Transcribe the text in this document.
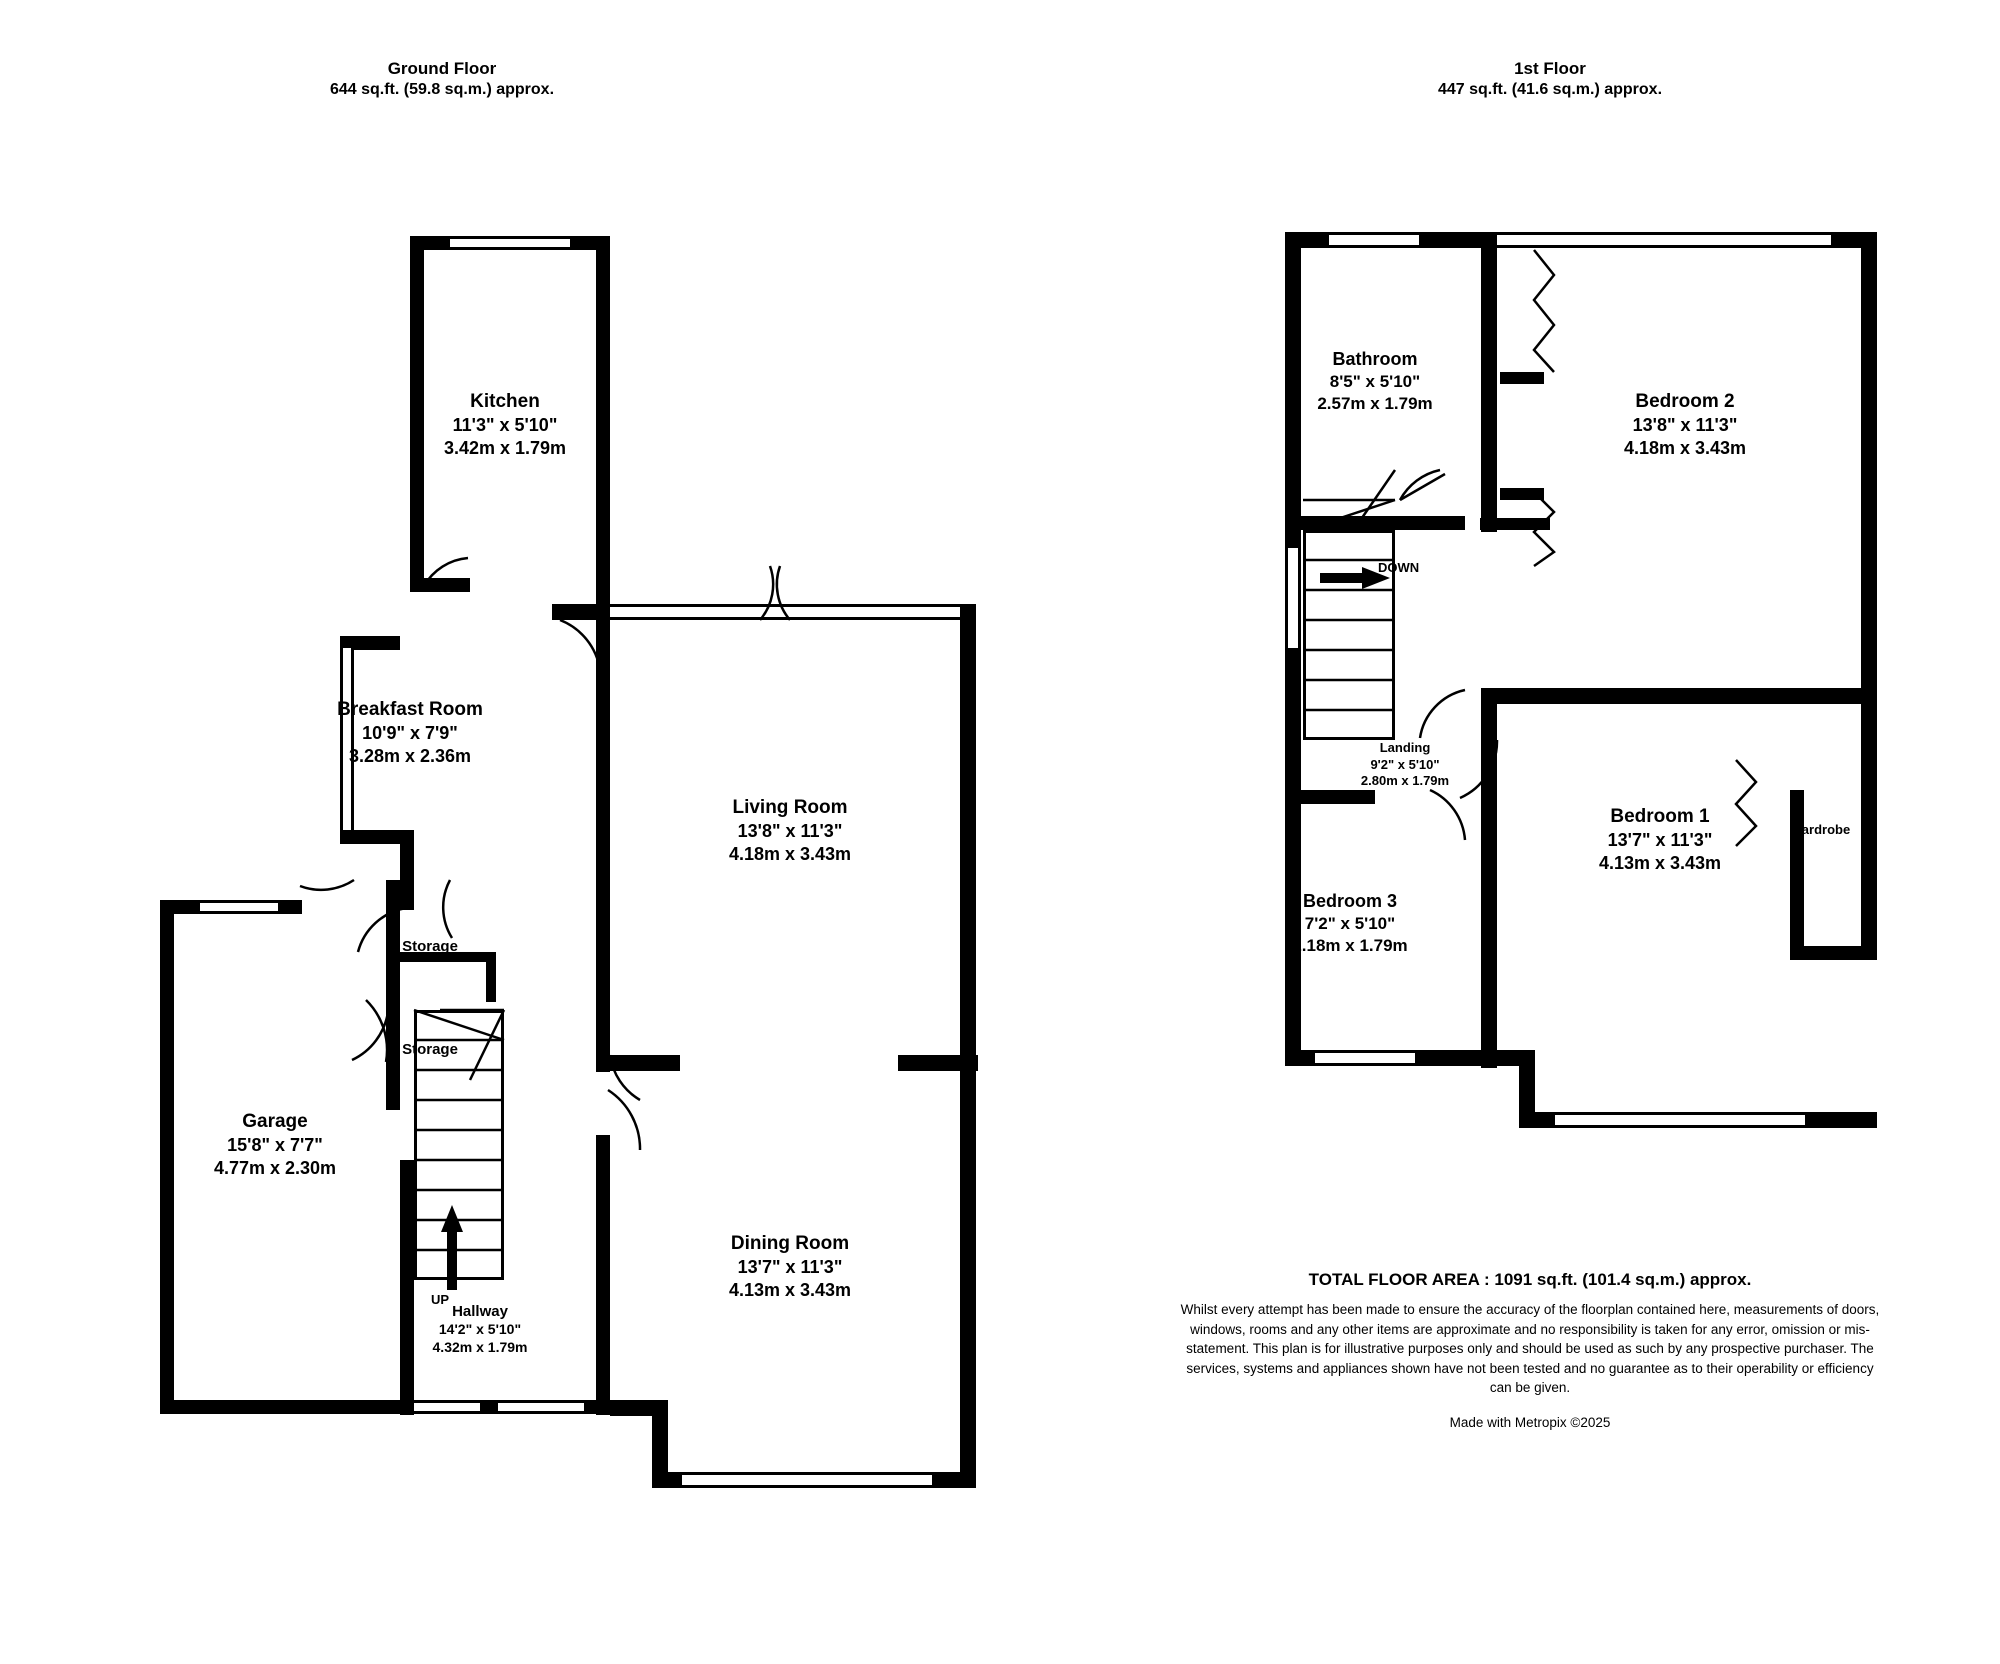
Ground Floor
644 sq.ft. (59.8 sq.m.) approx.
1st Floor
447 sq.ft. (41.6 sq.m.) approx.
Kitchen
11'3" x 5'10"
3.42m x 1.79m
Breakfast Room
10'9" x 7'9"
3.28m x 2.36m
Living Room
13'8" x 11'3"
4.18m x 3.43m
Dining Room
13'7" x 11'3"
4.13m x 3.43m
Garage
15'8" x 7'7"
4.77m x 2.30m
Hallway
14'2" x 5'10"
4.32m x 1.79m
Storage
Storage
UP
Bathroom
8'5" x 5'10"
2.57m x 1.79m	Bedroom 2
13'8" x 11'3"
4.18m x 3.43m
Landing
9'2" x 5'10"
2.80m x 1.79m
Bedroom 1
13'7" x 11'3"
4.13m x 3.43m
Bedroom 3
7'2" x 5'10"
2.18m x 1.79m
Wardrobe
DOWN
TOTAL FLOOR AREA : 1091 sq.ft. (101.4 sq.m.) approx.
Whilst every attempt has been made to ensure the accuracy of the floorplan contained here, measurements of doors, windows, rooms and any other items are approximate and no responsibility is taken for any error, omission or mis-statement. This plan is for illustrative purposes only and should be used as such by any prospective purchaser. The services, systems and appliances shown have not been tested and no guarantee as to their operability or efficiency can be given.
Made with Metropix ©2025
